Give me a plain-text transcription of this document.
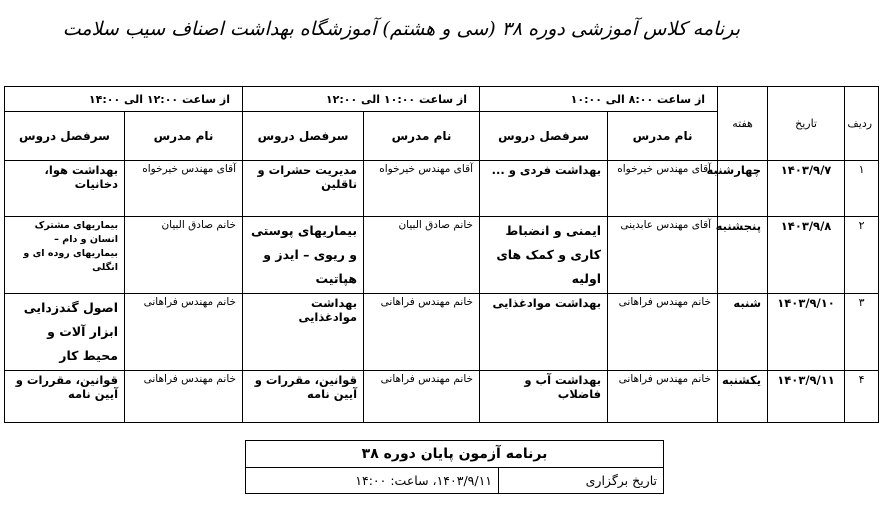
برنامه کلاس آموزشی دوره ۳۸ (سی و هشتم) آموزشگاه بهداشت اصناف سیب سلامت
ردیف	تاریخ	هفته	از ساعت ۸:۰۰ الی ۱۰:۰۰		از ساعت ۱۰:۰۰ الی ۱۲:۰۰		از ساعت ۱۲:۰۰ الی ۱۴:۰۰	
			نام مدرس	سرفصل دروس	نام مدرس	سرفصل دروس	نام مدرس	سرفصل دروس
۱	۱۴۰۳/۹/۷	چهارشنبه	آقای مهندس خیرخواه	بهداشت فردی و ...	آقای مهندس خیرخواه	مدیریت حشرات و ناقلین	آقای مهندس خیرخواه	بهداشت هوا، دخانیات
۲	۱۴۰۳/۹/۸	پنجشنبه	آقای مهندس عابدینی	ایمنی و انضباط کاری و کمک های اولیه	خانم صادق البیان	بیماریهای پوستی و ریوی – ایدز و هپاتیت	خانم صادق البیان	بیماریهای مشترک انسان و دام – بیماریهای روده ای و انگلی
۳	۱۴۰۳/۹/۱۰	شنبه	خانم مهندس فراهانی	بهداشت موادغذایی	خانم مهندس فراهانی	بهداشت موادغذایی	خانم مهندس فراهانی	اصول گندزدایی ابزار آلات و محیط کار
۴	۱۴۰۳/۹/۱۱	یکشنبه	خانم مهندس فراهانی	بهداشت آب و فاضلاب	خانم مهندس فراهانی	قوانین، مقررات و آیین نامه	خانم مهندس فراهانی	قوانین، مقررات و آیین نامه
برنامه آزمون پایان دوره ۳۸
تاریخ برگزاری	۱۴۰۳/۹/۱۱، ساعت: ۱۴:۰۰
